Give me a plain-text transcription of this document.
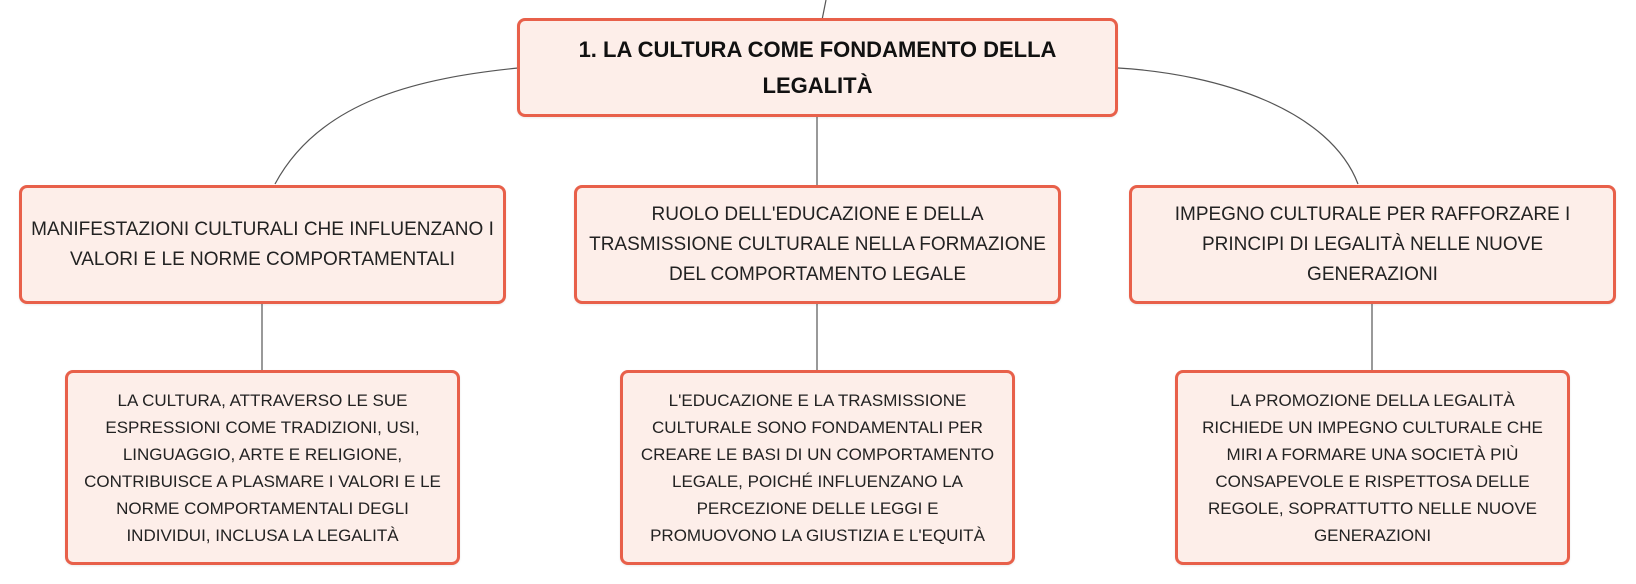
1. LA CULTURA COME FONDAMENTO DELLA LEGALITÀ
MANIFESTAZIONI CULTURALI CHE INFLUENZANO I VALORI E LE NORME COMPORTAMENTALI
RUOLO DELL'EDUCAZIONE E DELLA TRASMISSIONE CULTURALE NELLA FORMAZIONE DEL COMPORTAMENTO LEGALE
IMPEGNO CULTURALE PER RAFFORZARE I PRINCIPI DI LEGALITÀ NELLE NUOVE GENERAZIONI
LA CULTURA, ATTRAVERSO LE SUE ESPRESSIONI COME TRADIZIONI, USI, LINGUAGGIO, ARTE E RELIGIONE, CONTRIBUISCE A PLASMARE I VALORI E LE NORME COMPORTAMENTALI DEGLI INDIVIDUI, INCLUSA LA LEGALITÀ
L'EDUCAZIONE E LA TRASMISSIONE CULTURALE SONO FONDAMENTALI PER CREARE LE BASI DI UN COMPORTAMENTO LEGALE, POICHÉ INFLUENZANO LA PERCEZIONE DELLE LEGGI E PROMUOVONO LA GIUSTIZIA E L'EQUITÀ
LA PROMOZIONE DELLA LEGALITÀ RICHIEDE UN IMPEGNO CULTURALE CHE MIRI A FORMARE UNA SOCIETÀ PIÙ CONSAPEVOLE E RISPETTOSA DELLE REGOLE, SOPRATTUTTO NELLE NUOVE GENERAZIONI
